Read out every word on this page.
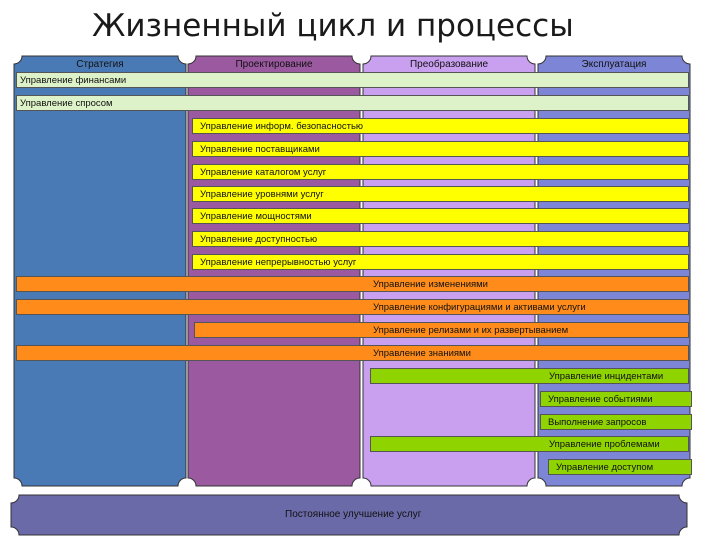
Жизненный цикл и процессы
Стратегия	Проектирование	Преобразование	Эксплуатация
Управление финансами
Управление спросом
Управление информ. безопасностью
Управление поставщиками
Управление каталогом услуг
Управление уровнями услуг
Управление мощностями
Управление доступностью
Управление непрерывностью услуг
Управление изменениями
Управление конфигурациями и активами услуги
Управление релизами и их развертыванием
Управление знаниями
Управление инцидентами
Управление событиями
Выполнение запросов
Управление проблемами
Управление доступом
Постоянное улучшение услуг
